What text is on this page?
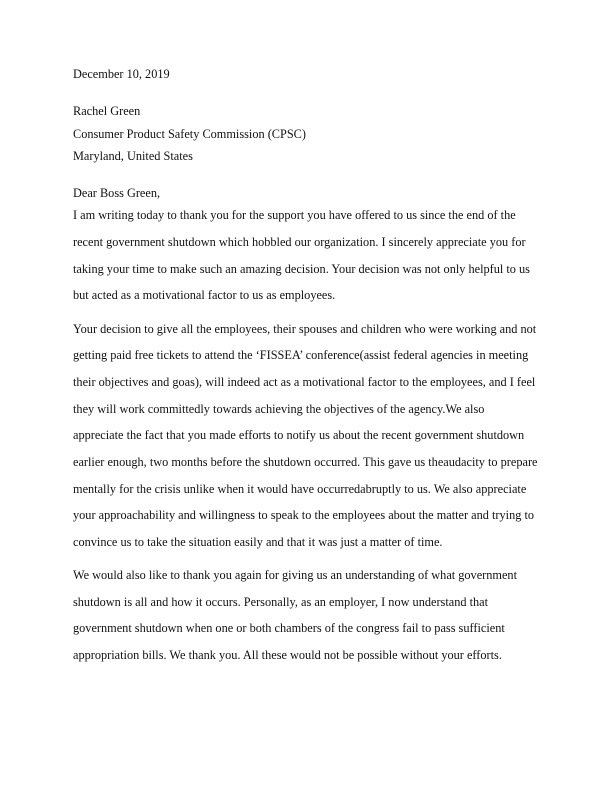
December 10, 2019
Rachel Green
Consumer Product Safety Commission (CPSC)
Maryland, United States
Dear Boss Green,
I am writing today to thank you for the support you have offered to us since the end of the
recent government shutdown which hobbled our organization. I sincerely appreciate you for
taking your time to make such an amazing decision. Your decision was not only helpful to us
but acted as a motivational factor to us as employees.
Your decision to give all the employees, their spouses and children who were working and not
getting paid free tickets to attend the ‘FISSEA’ conference(assist federal agencies in meeting
their objectives and goas), will indeed act as a motivational factor to the employees, and I feel
they will work committedly towards achieving the objectives of the agency.We also
appreciate the fact that you made efforts to notify us about the recent government shutdown
earlier enough, two months before the shutdown occurred. This gave us theaudacity to prepare
mentally for the crisis unlike when it would have occurredabruptly to us. We also appreciate
your approachability and willingness to speak to the employees about the matter and trying to
convince us to take the situation easily and that it was just a matter of time.
We would also like to thank you again for giving us an understanding of what government
shutdown is all and how it occurs. Personally, as an employer, I now understand that
government shutdown when one or both chambers of the congress fail to pass sufficient
appropriation bills. We thank you. All these would not be possible without your efforts.
